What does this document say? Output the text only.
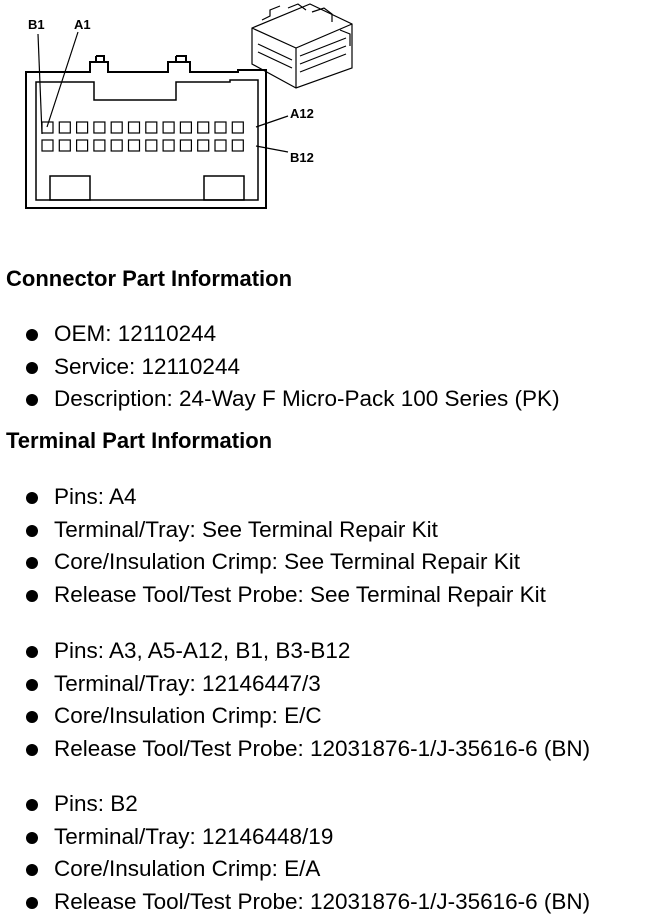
B1 A1
A12
B12
Connector Part Information
OEM: 12110244
Service: 12110244
Description: 24-Way F Micro-Pack 100 Series (PK)
Terminal Part Information
Pins: A4
Terminal/Tray: See Terminal Repair Kit
Core/Insulation Crimp: See Terminal Repair Kit
Release Tool/Test Probe: See Terminal Repair Kit
Pins: A3, A5-A12, B1, B3-B12
Terminal/Tray: 12146447/3
Core/Insulation Crimp: E/C
Release Tool/Test Probe: 12031876-1/J-35616-6 (BN)
Pins: B2
Terminal/Tray: 12146448/19
Core/Insulation Crimp: E/A
Release Tool/Test Probe: 12031876-1/J-35616-6 (BN)
